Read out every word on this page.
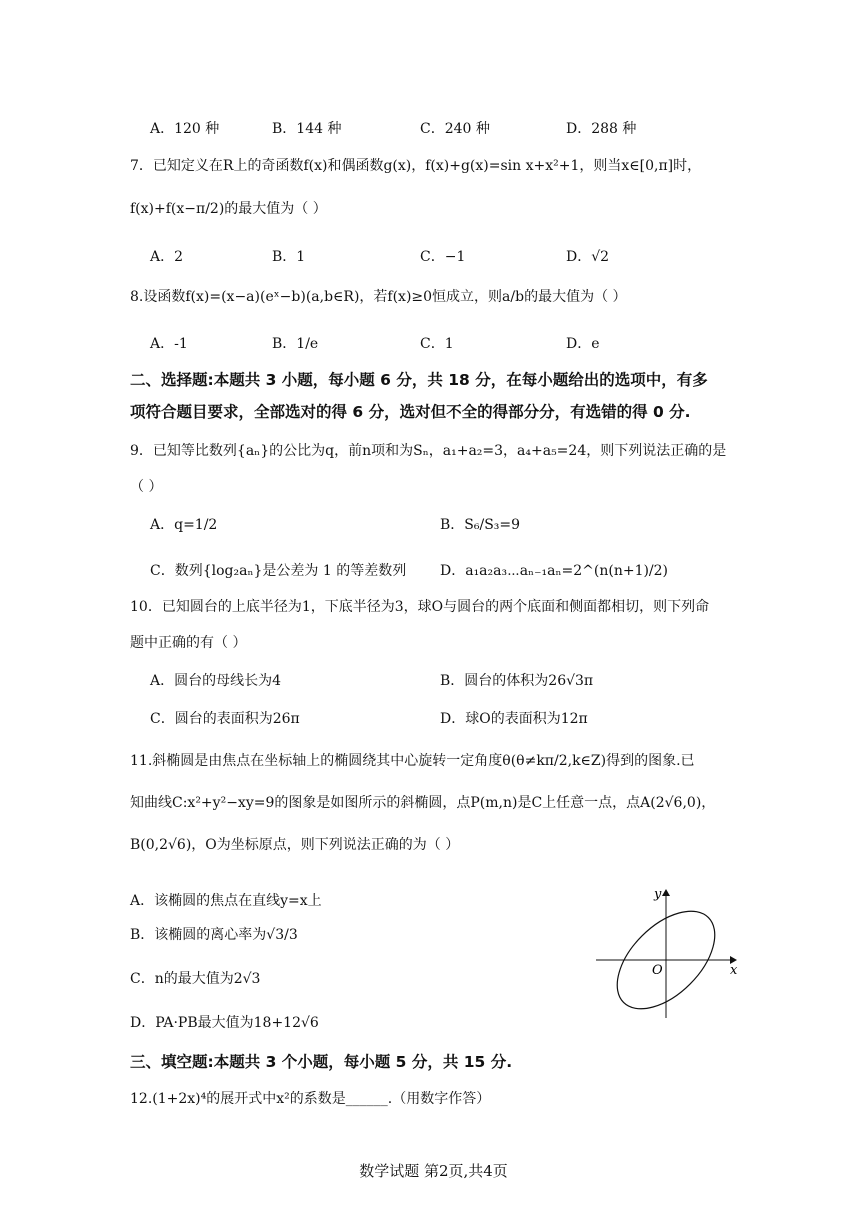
A．120 种	B．144 种	C．240 种	D．288 种
7．已知定义在R上的奇函数f(x)和偶函数g(x)，f(x)+g(x)=sin x+x²+1，则当x∈[0,π]时，
f(x)+f(x−π/2)的最大值为（ ）
A．2	B．1	C．−1	D．√2
8.设函数f(x)=(x−a)(eˣ−b)(a,b∈R)，若f(x)≥0恒成立，则a/b的最大值为（ ）
A．-1	B．1/e	C．1	D．e
二、选择题:本题共 3 小题，每小题 6 分，共 18 分，在每小题给出的选项中，有多
项符合题目要求，全部选对的得 6 分，选对但不全的得部分分，有选错的得 0 分.
9．已知等比数列{aₙ}的公比为q，前n项和为Sₙ，a₁+a₂=3，a₄+a₅=24，则下列说法正确的是
（ ）
A．q=1/2	B．S₆/S₃=9
C．数列{log₂aₙ}是公差为 1 的等差数列 D．a₁a₂a₃⋯aₙ₋₁aₙ=2^(n(n+1)/2)
10．已知圆台的上底半径为1，下底半径为3，球O与圆台的两个底面和侧面都相切，则下列命
题中正确的有（ ）
A．圆台的母线长为4	B．圆台的体积为26√3π
C．圆台的表面积为26π	D．球O的表面积为12π
11.斜椭圆是由焦点在坐标轴上的椭圆绕其中心旋转一定角度θ(θ≠kπ/2,k∈Z)得到的图象.已
知曲线C:x²+y²−xy=9的图象是如图所示的斜椭圆，点P(m,n)是C上任意一点，点A(2√6,0)，
B(0,2√6)，O为坐标原点，则下列说法正确的为（ ）
A．该椭圆的焦点在直线y=x上
B．该椭圆的离心率为√3/3
C．n的最大值为2√3
D．PA·PB最大值为18+12√6
x
y
O
三、填空题:本题共 3 个小题，每小题 5 分，共 15 分.
12.(1+2x)⁴的展开式中x²的系数是______.（用数字作答）
数学试题 第2页,共4页
